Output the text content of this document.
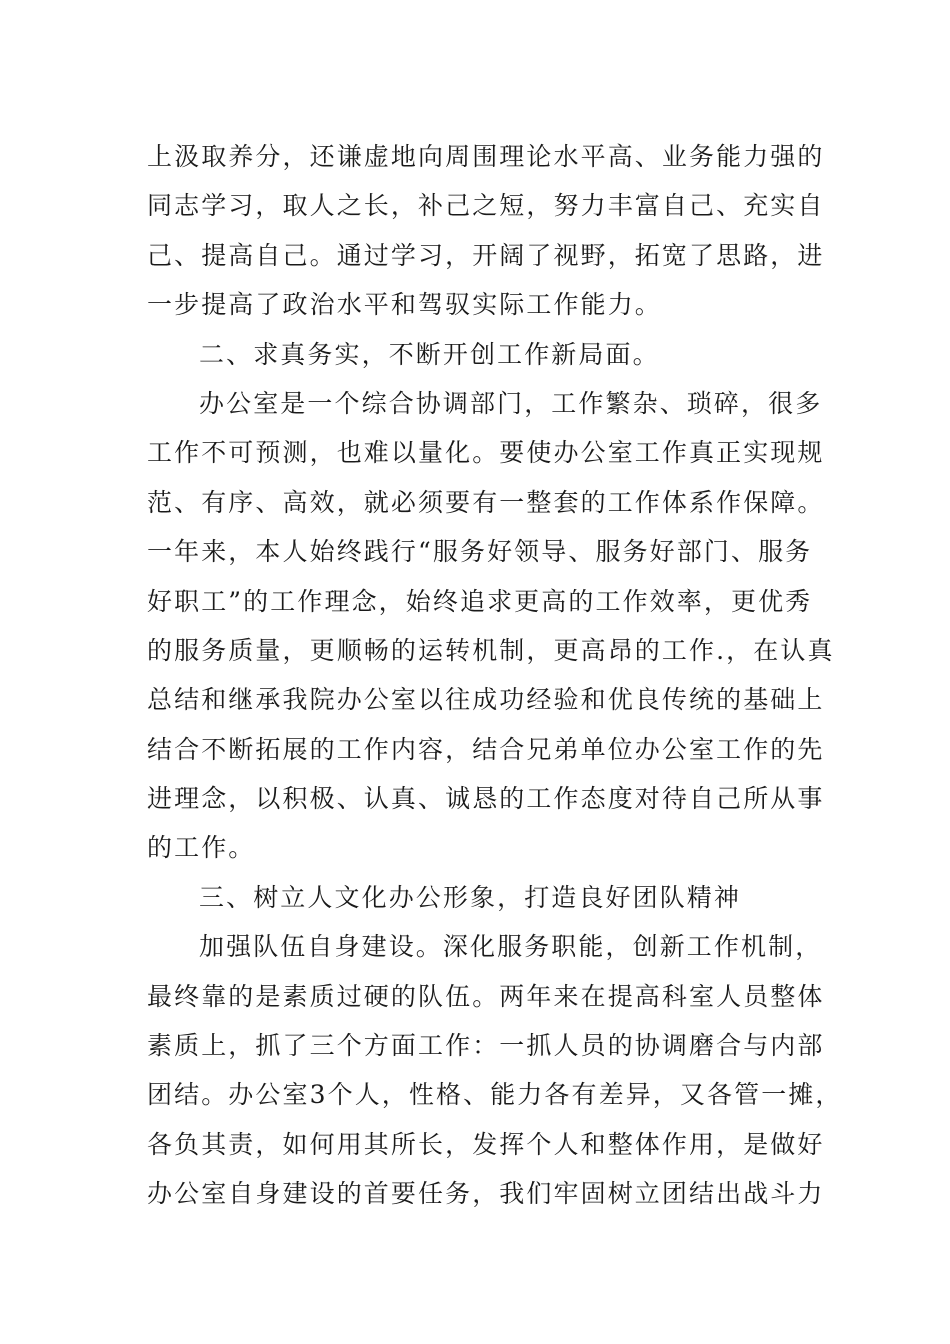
上汲取养分，还谦虚地向周围理论水平高、业务能力强的
同志学习，取人之长，补己之短，努力丰富自己、充实自
己、提高自己。通过学习，开阔了视野，拓宽了思路，进
一步提高了政治水平和驾驭实际工作能力。
二、求真务实，不断开创工作新局面。
办公室是一个综合协调部门，工作繁杂、琐碎，很多
工作不可预测，也难以量化。要使办公室工作真正实现规
范、有序、高效，就必须要有一整套的工作体系作保障。
一年来，本人始终践行“服务好领导、服务好部门、服务
好职工”的工作理念，始终追求更高的工作效率，更优秀
的服务质量，更顺畅的运转机制，更高昂的工作.，在认真
总结和继承我院办公室以往成功经验和优良传统的基础上
结合不断拓展的工作内容，结合兄弟单位办公室工作的先
进理念，以积极、认真、诚恳的工作态度对待自己所从事
的工作。
三、树立人文化办公形象，打造良好团队精神
加强队伍自身建设。深化服务职能，创新工作机制，
最终靠的是素质过硬的队伍。两年来在提高科室人员整体
素质上，抓了三个方面工作：一抓人员的协调磨合与内部
团结。办公室3个人，性格、能力各有差异，又各管一摊，
各负其责，如何用其所长，发挥个人和整体作用，是做好
办公室自身建设的首要任务，我们牢固树立团结出战斗力
